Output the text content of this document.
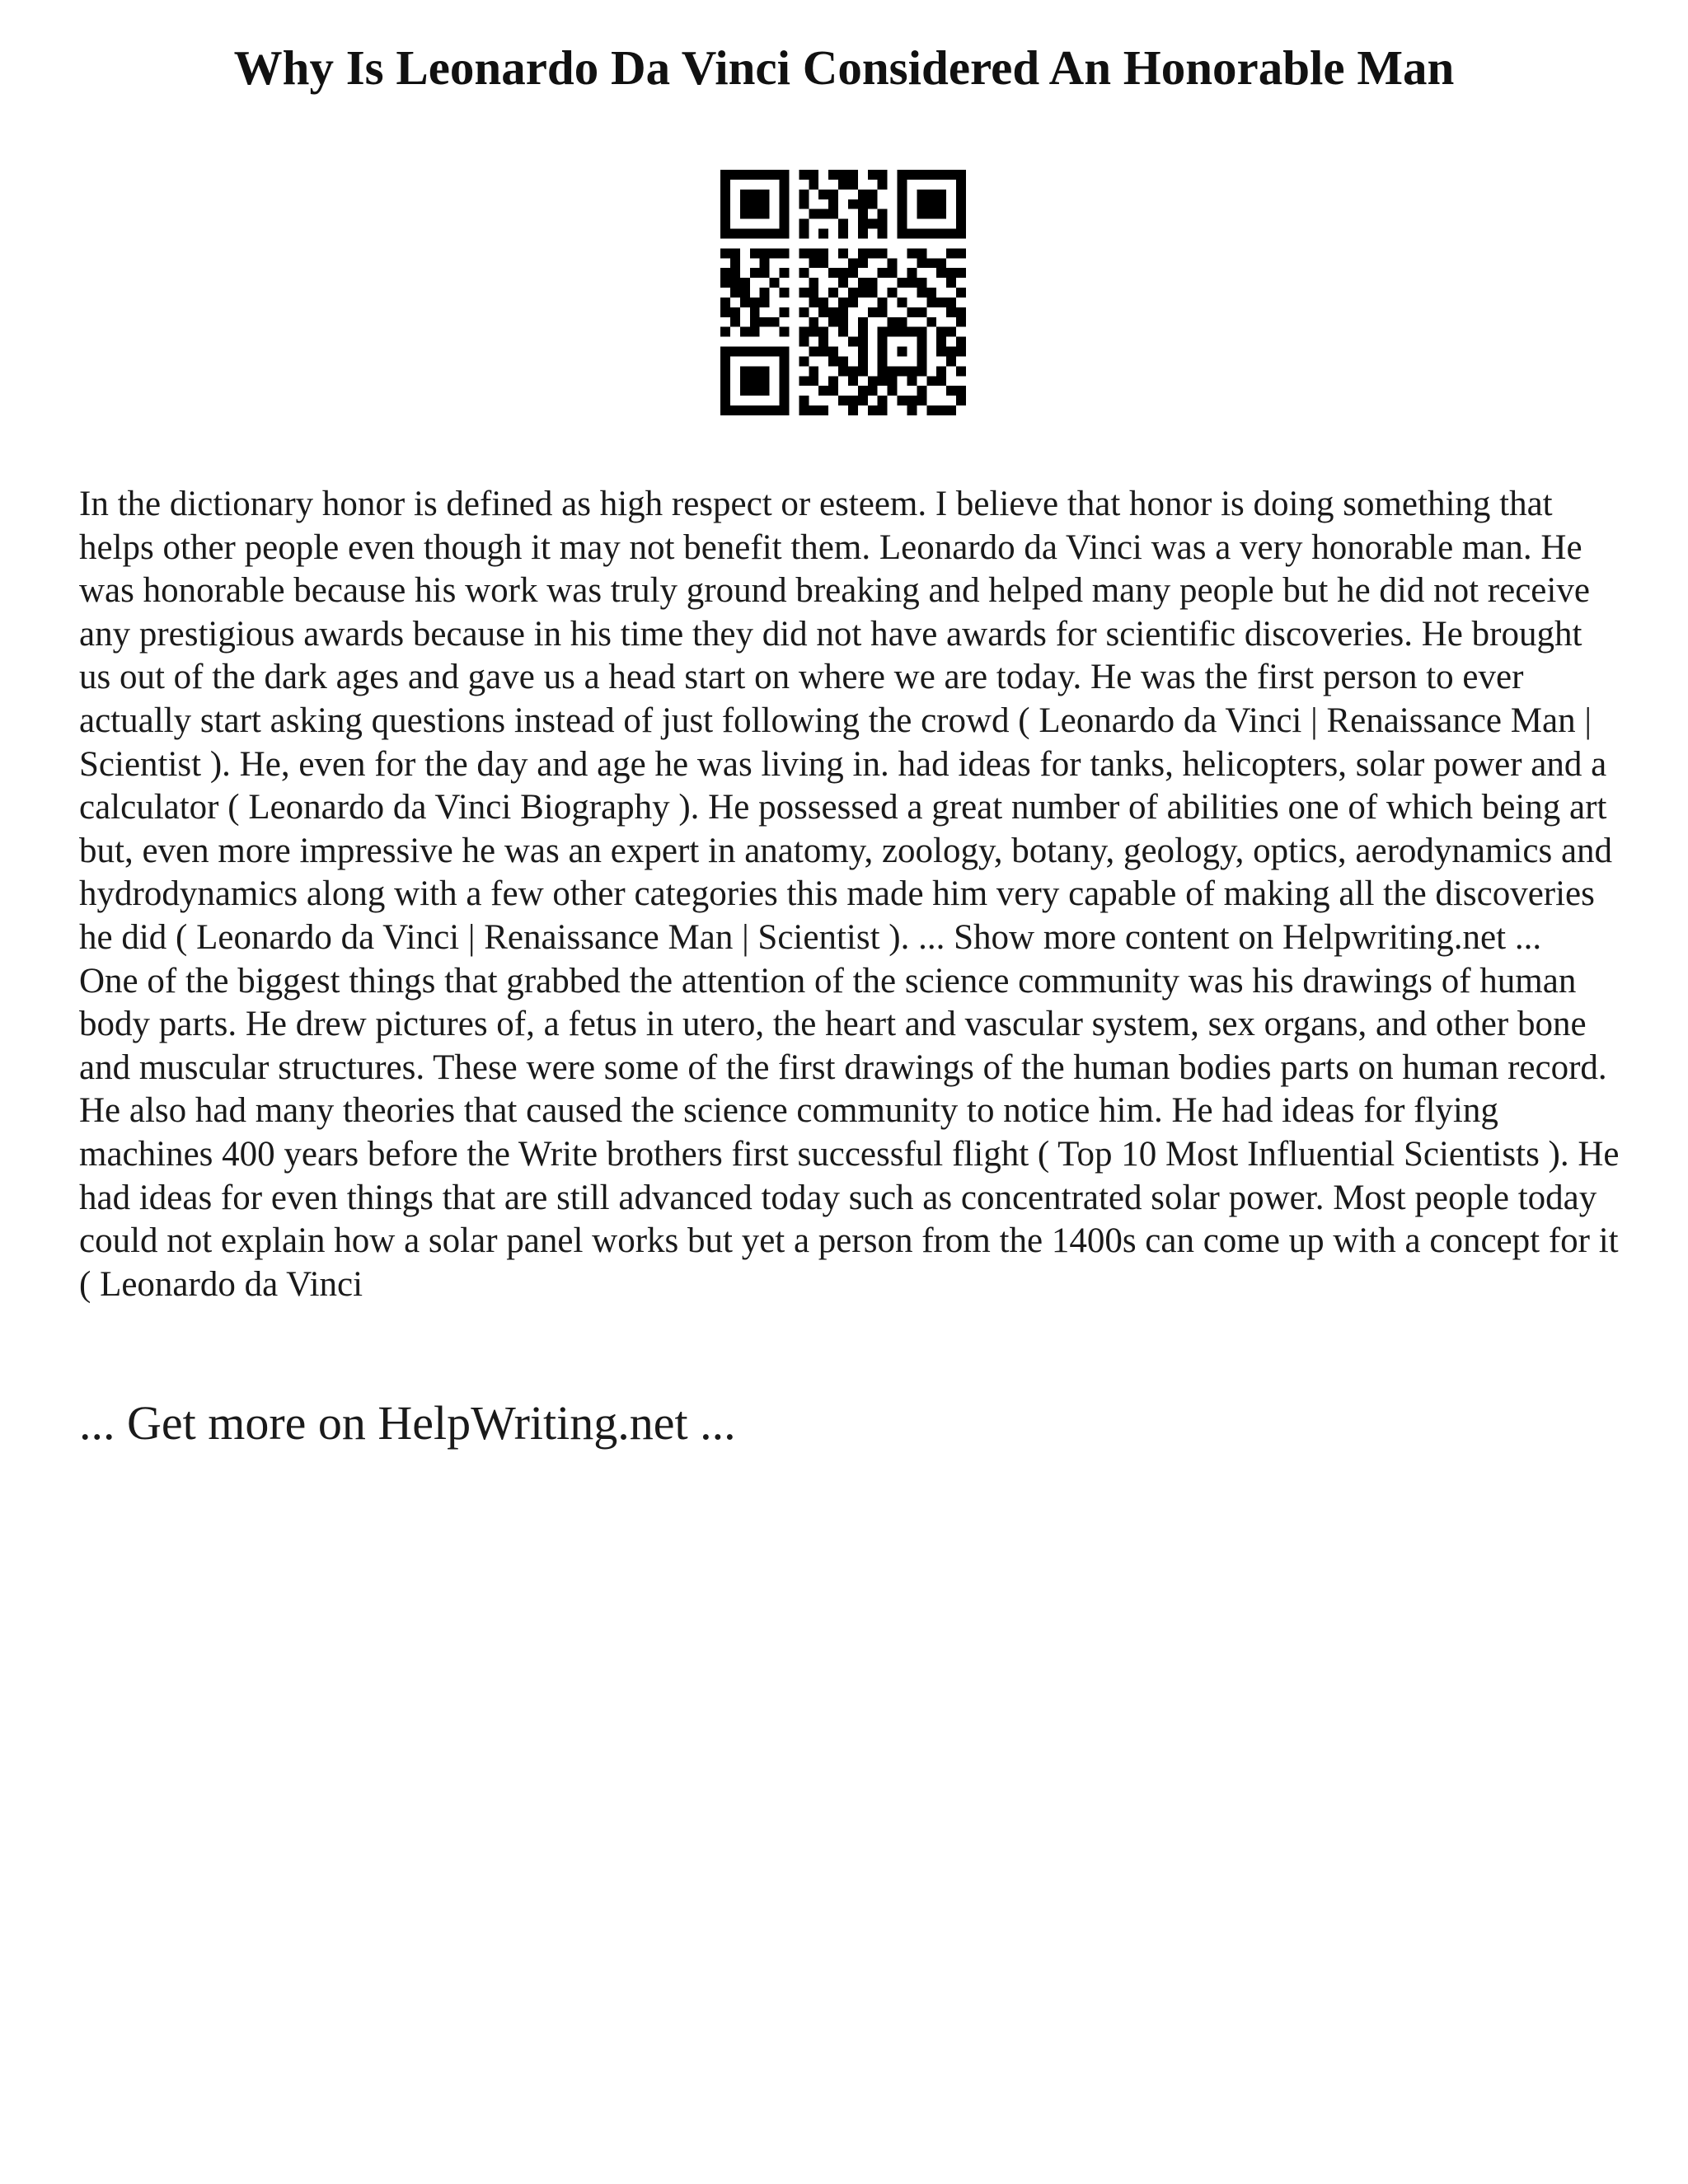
Why Is Leonardo Da Vinci Considered An Honorable Man

In the dictionary honor is defined as high respect or esteem. I believe that honor is doing something that helps other people even though it may not benefit them. Leonardo da Vinci was a very honorable man. He was honorable because his work was truly ground breaking and helped many people but he did not receive any prestigious awards because in his time they did not have awards for scientific discoveries. He brought us out of the dark ages and gave us a head start on where we are today. He was the first person to ever actually start asking questions instead of just following the crowd ( Leonardo da Vinci | Renaissance Man | Scientist ). He, even for the day and age he was living in. had ideas for tanks, helicopters, solar power and a calculator ( Leonardo da Vinci Biography ). He possessed a great number of abilities one of which being art but, even more impressive he was an expert in anatomy, zoology, botany, geology, optics, aerodynamics and hydrodynamics along with a few other categories this made him very capable of making all the discoveries he did ( Leonardo da Vinci | Renaissance Man | Scientist ). ... Show more content on Helpwriting.net ...

One of the biggest things that grabbed the attention of the science community was his drawings of human body parts. He drew pictures of, a fetus in utero, the heart and vascular system, sex organs, and other bone and muscular structures. These were some of the first drawings of the human bodies parts on human record. He also had many theories that caused the science community to notice him. He had ideas for flying machines 400 years before the Write brothers first successful flight ( Top 10 Most Influential Scientists ). He had ideas for even things that are still advanced today such as concentrated solar power. Most people today could not explain how a solar panel works but yet a person from the 1400s can come up with a concept for it ( Leonardo da Vinci

... Get more on HelpWriting.net ...
